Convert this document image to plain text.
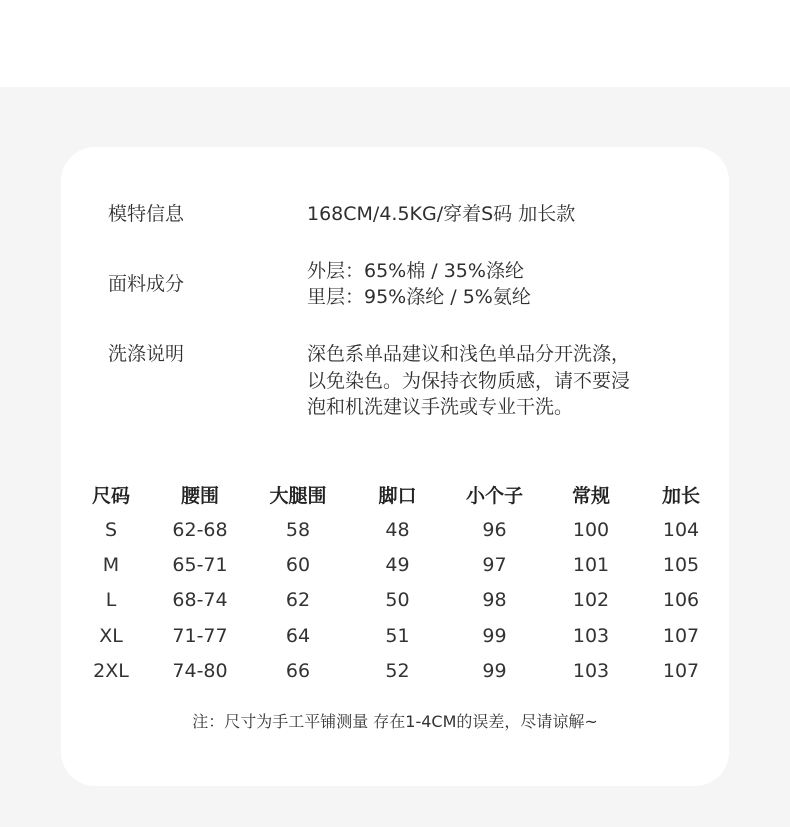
模特信息	168CM/4.5KG/穿着S码 加长款
面料成分
外层：65%棉 / 35%涤纶
里层：95%涤纶 / 5%氨纶
洗涤说明	深色系单品建议和浅色单品分开洗涤，
以免染色。为保持衣物质感，请不要浸
泡和机洗建议手洗或专业干洗。
尺码	腰围	大腿围	脚口	小个子	常规	加长
S	62-68	58	48	96	100	104
M	65-71	60	49	97	101	105
L	68-74	62	50	98	102	106
XL	71-77	64	51	99	103	107
2XL	74-80	66	52	99	103	107
注：尺寸为手工平铺测量 存在1-4CM的误差，尽请谅解~
